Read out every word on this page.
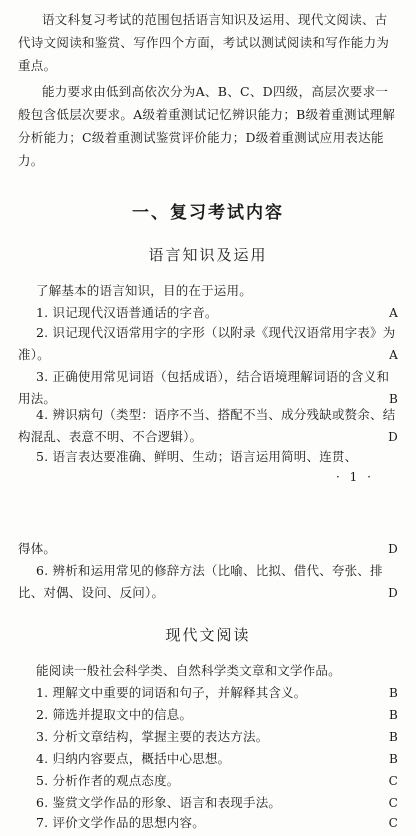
语文科复习考试的范围包括语言知识及运用、现代文阅读、古代诗文阅读和鉴赏、写作四个方面，考试以测试阅读和写作能力为重点。

能力要求由低到高依次分为A、B、C、D四级，高层次要求一般包含低层次要求。A级着重测试记忆辨识能力；B级着重测试理解分析能力；C级着重测试鉴赏评价能力；D级着重测试应用表达能力。

一、复习考试内容
语言知识及运用
了解基本的语言知识，目的在于运用。
1. 识记现代汉语普通话的字音。	A
2. 识记现代汉语常用字的字形（以附录《现代汉语常用字表》为准）。	A
3. 正确使用常见词语（包括成语），结合语境理解词语的含义和用法。	B
4. 辨识病句（类型：语序不当、搭配不当、成分残缺或赘余、结构混乱、表意不明、不合逻辑）。	D
5. 语言表达要准确、鲜明、生动；语言运用简明、连贯、
· 1 ·
得体。	D
6. 辨析和运用常见的修辞方法（比喻、比拟、借代、夸张、排比、对偶、设问、反问）。	D
现代文阅读
能阅读一般社会科学类、自然科学类文章和文学作品。
1. 理解文中重要的词语和句子，并解释其含义。	B
2. 筛选并提取文中的信息。	B
3. 分析文章结构，掌握主要的表达方法。	B
4. 归纳内容要点，概括中心思想。	B
5. 分析作者的观点态度。	C
6. 鉴赏文学作品的形象、语言和表现手法。	C
7. 评价文学作品的思想内容。	C
